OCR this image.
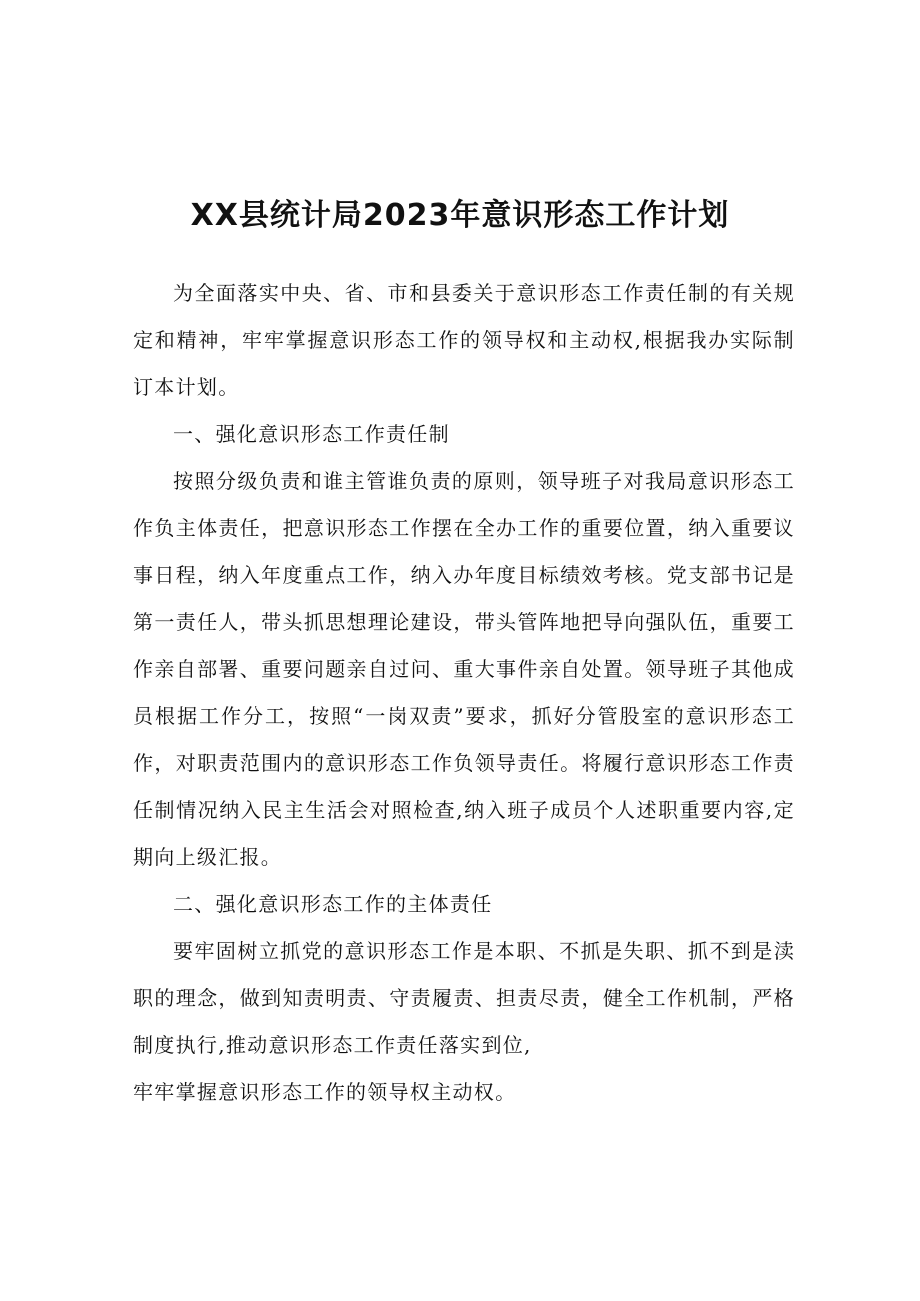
XX县统计局2023年意识形态工作计划

为全面落实中央、省、市和县委关于意识形态工作责任制的有关规定和精神，牢牢掌握意识形态工作的领导权和主动权,根据我办实际制订本计划。

一、强化意识形态工作责任制

按照分级负责和谁主管谁负责的原则，领导班子对我局意识形态工作负主体责任，把意识形态工作摆在全办工作的重要位置，纳入重要议事日程，纳入年度重点工作，纳入办年度目标绩效考核。党支部书记是第一责任人，带头抓思想理论建设，带头管阵地把导向强队伍，重要工作亲自部署、重要问题亲自过问、重大事件亲自处置。领导班子其他成员根据工作分工，按照“一岗双责”要求，抓好分管股室的意识形态工作，对职责范围内的意识形态工作负领导责任。将履行意识形态工作责任制情况纳入民主生活会对照检查,纳入班子成员个人述职重要内容,定期向上级汇报。

二、强化意识形态工作的主体责任

要牢固树立抓党的意识形态工作是本职、不抓是失职、抓不到是渎职的理念，做到知责明责、守责履责、担责尽责，健全工作机制，严格制度执行,推动意识形态工作责任落实到位,

牢牢掌握意识形态工作的领导权主动权。
